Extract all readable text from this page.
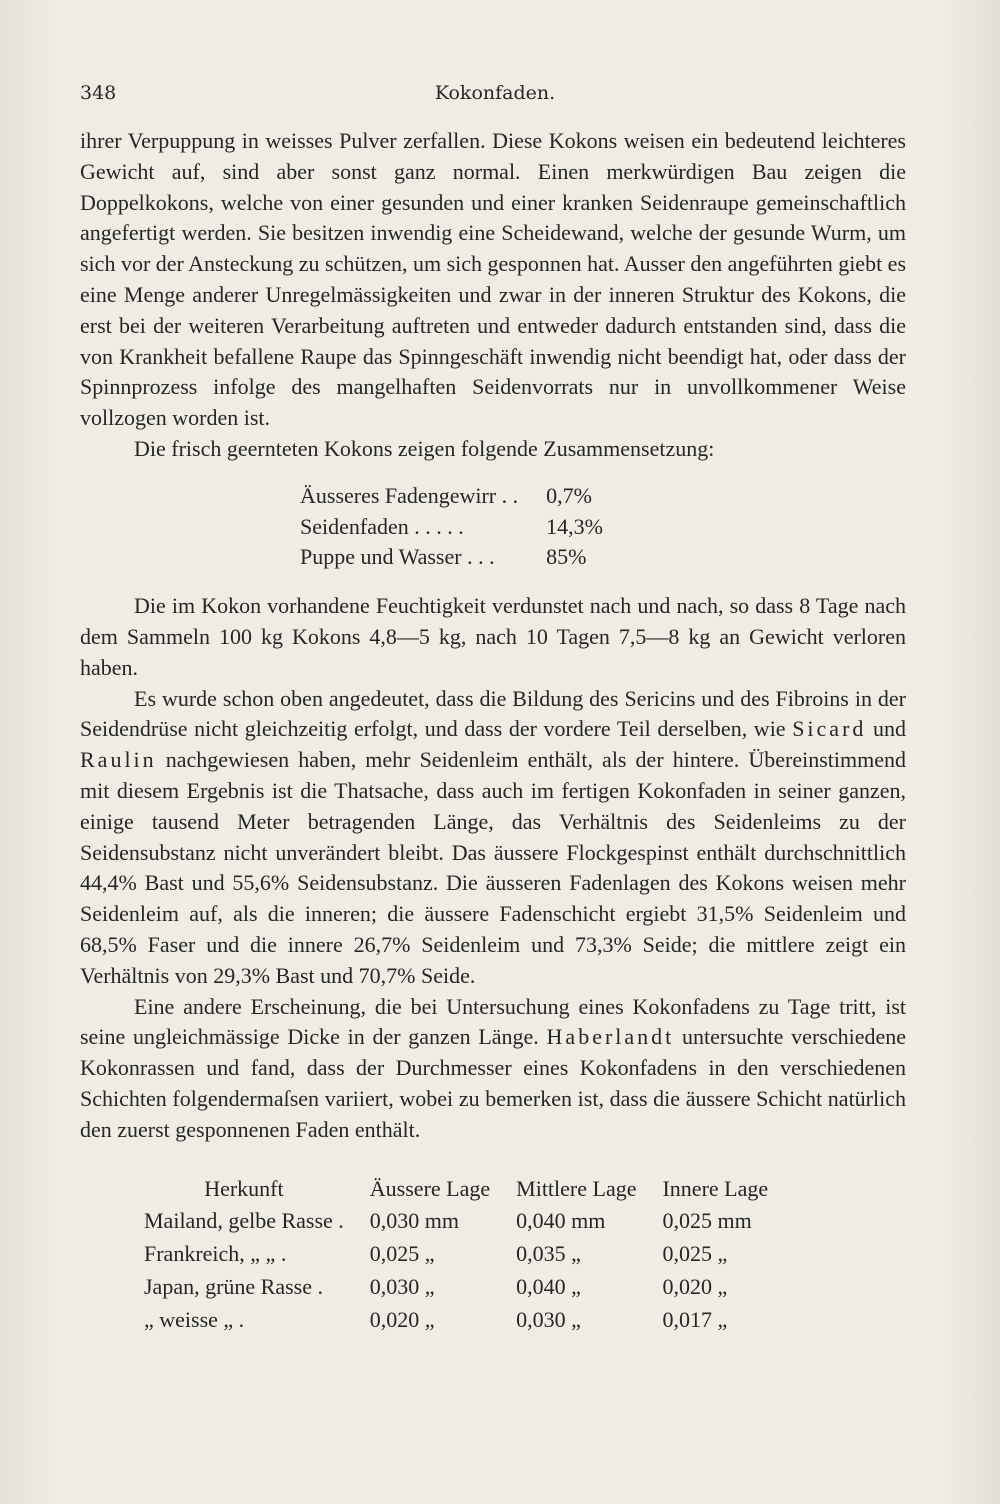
348	Kokonfaden.

ihrer Verpuppung in weisses Pulver zerfallen. Diese Kokons weisen ein bedeutend leichteres Gewicht auf, sind aber sonst ganz normal. Einen merkwürdigen Bau zeigen die Doppelkokons, welche von einer gesunden und einer kranken Seidenraupe gemeinschaftlich angefertigt werden. Sie besitzen inwendig eine Scheidewand, welche der gesunde Wurm, um sich vor der Ansteckung zu schützen, um sich gesponnen hat. Ausser den angeführten giebt es eine Menge anderer Unregelmässigkeiten und zwar in der inneren Struktur des Kokons, die erst bei der weiteren Verarbeitung auftreten und entweder dadurch entstanden sind, dass die von Krankheit befallene Raupe das Spinngeschäft inwendig nicht beendigt hat, oder dass der Spinnprozess infolge des mangelhaften Seidenvorrats nur in unvollkommener Weise vollzogen worden ist.

Die frisch geernteten Kokons zeigen folgende Zusammensetzung:

Äusseres Fadengewirr . .	0,7%
Seidenfaden . . . . .	14,3%
Puppe und Wasser . . .	85%

Die im Kokon vorhandene Feuchtigkeit verdunstet nach und nach, so dass 8 Tage nach dem Sammeln 100 kg Kokons 4,8—5 kg, nach 10 Tagen 7,5—8 kg an Gewicht verloren haben.

Es wurde schon oben angedeutet, dass die Bildung des Sericins und des Fibroins in der Seidendrüse nicht gleichzeitig erfolgt, und dass der vordere Teil derselben, wie Sicard und Raulin nachgewiesen haben, mehr Seidenleim enthält, als der hintere. Übereinstimmend mit diesem Ergebnis ist die Thatsache, dass auch im fertigen Kokonfaden in seiner ganzen, einige tausend Meter betragenden Länge, das Verhältnis des Seidenleims zu der Seidensubstanz nicht unverändert bleibt. Das äussere Flockgespinst enthält durchschnittlich 44,4% Bast und 55,6% Seidensubstanz. Die äusseren Fadenlagen des Kokons weisen mehr Seidenleim auf, als die inneren; die äussere Fadenschicht ergiebt 31,5% Seidenleim und 68,5% Faser und die innere 26,7% Seidenleim und 73,3% Seide; die mittlere zeigt ein Verhältnis von 29,3% Bast und 70,7% Seide.

Eine andere Erscheinung, die bei Untersuchung eines Kokonfadens zu Tage tritt, ist seine ungleichmässige Dicke in der ganzen Länge. Haberlandt untersuchte verschiedene Kokonrassen und fand, dass der Durchmesser eines Kokonfadens in den verschiedenen Schichten folgendermaſsen variiert, wobei zu bemerken ist, dass die äussere Schicht natürlich den zuerst gesponnenen Faden enthält.

Herkunft	Äussere Lage	Mittlere Lage	Innere Lage
Mailand, gelbe Rasse .	0,030 mm	0,040 mm	0,025 mm
Frankreich, „ „ .	0,025 „	0,035 „	0,025 „
Japan, grüne Rasse .	0,030 „	0,040 „	0,020 „
„ weisse „ .	0,020 „	0,030 „	0,017 „
